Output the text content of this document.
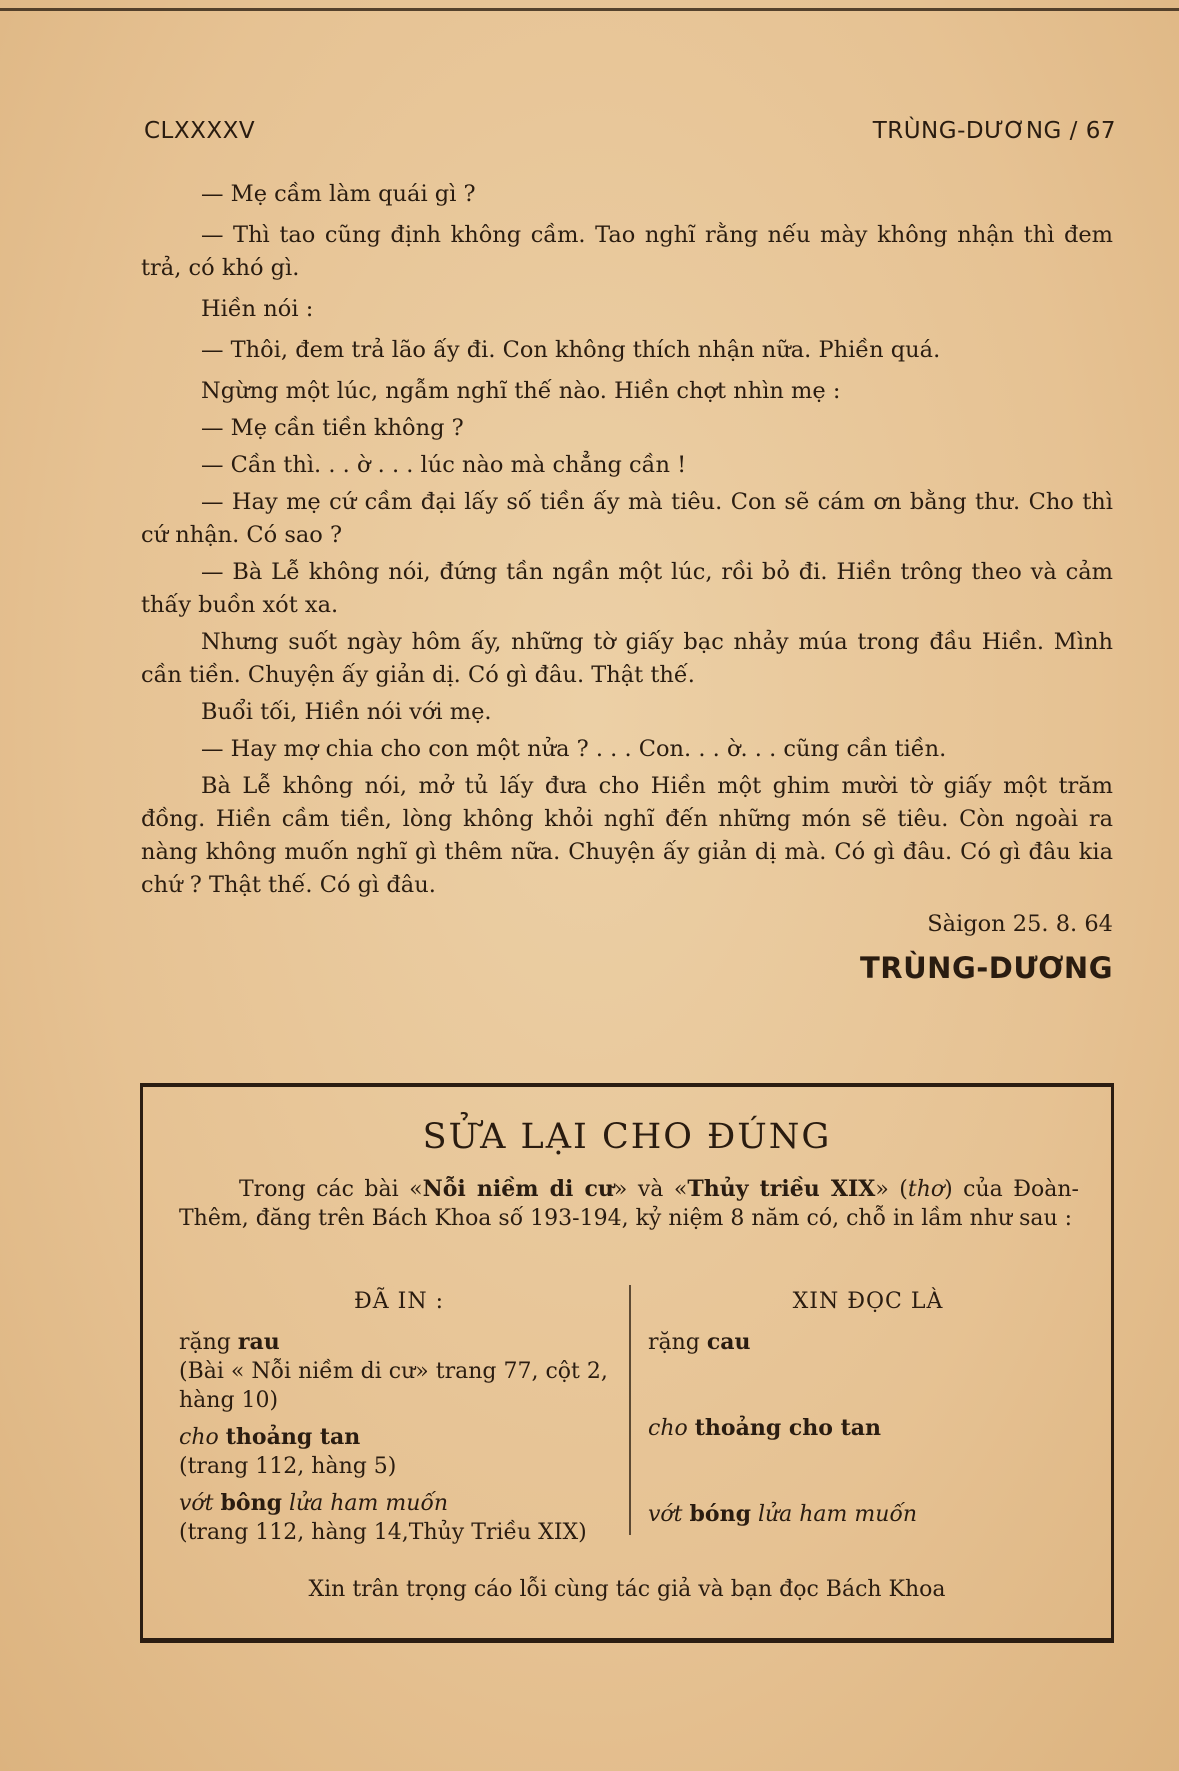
CLXXXXV	TRÙNG-DƯƠNG / 67

— Mẹ cầm làm quái gì ?

— Thì tao cũng định không cầm. Tao nghĩ rằng nếu mày không nhận thì đem trả, có khó gì.

Hiền nói :

— Thôi, đem trả lão ấy đi. Con không thích nhận nữa. Phiền quá.

Ngừng một lúc, ngẫm nghĩ thế nào. Hiền chợt nhìn mẹ :

— Mẹ cần tiền không ?

— Cần thì. . . ờ . . . lúc nào mà chẳng cần !

— Hay mẹ cứ cầm đại lấy số tiền ấy mà tiêu. Con sẽ cám ơn bằng thư. Cho thì cứ nhận. Có sao ?

— Bà Lễ không nói, đứng tần ngần một lúc, rồi bỏ đi. Hiền trông theo và cảm thấy buồn xót xa.

Nhưng suốt ngày hôm ấy, những tờ giấy bạc nhảy múa trong đầu Hiền. Mình cần tiền. Chuyện ấy giản dị. Có gì đâu. Thật thế.

Buổi tối, Hiền nói với mẹ.

— Hay mợ chia cho con một nửa ? . . . Con. . . ờ. . . cũng cần tiền.

Bà Lễ không nói, mở tủ lấy đưa cho Hiền một ghim mười tờ giấy một trăm đồng. Hiền cầm tiền, lòng không khỏi nghĩ đến những món sẽ tiêu. Còn ngoài ra nàng không muốn nghĩ gì thêm nữa. Chuyện ấy giản dị mà. Có gì đâu. Có gì đâu kia chứ ? Thật thế. Có gì đâu.

Sàigon 25. 8. 64
TRÙNG-DƯƠNG
SỬA LẠI CHO ĐÚNG
Trong các bài «Nỗi niềm di cư» và «Thủy triều XIX» (thơ) của Đoàn-Thêm, đăng trên Bách Khoa số 193-194, kỷ niệm 8 năm có, chỗ in lầm như sau :
ĐÃ IN :
rặng rau
(Bài « Nỗi niềm di cư» trang 77, cột 2, hàng 10)
cho thoảng tan
(trang 112, hàng 5)
vớt bông lửa ham muốn
(trang 112, hàng 14,Thủy Triều XIX)
XIN ĐỌC LÀ
rặng cau
cho thoảng cho tan
vớt bóng lửa ham muốn
Xin trân trọng cáo lỗi cùng tác giả và bạn đọc Bách Khoa
